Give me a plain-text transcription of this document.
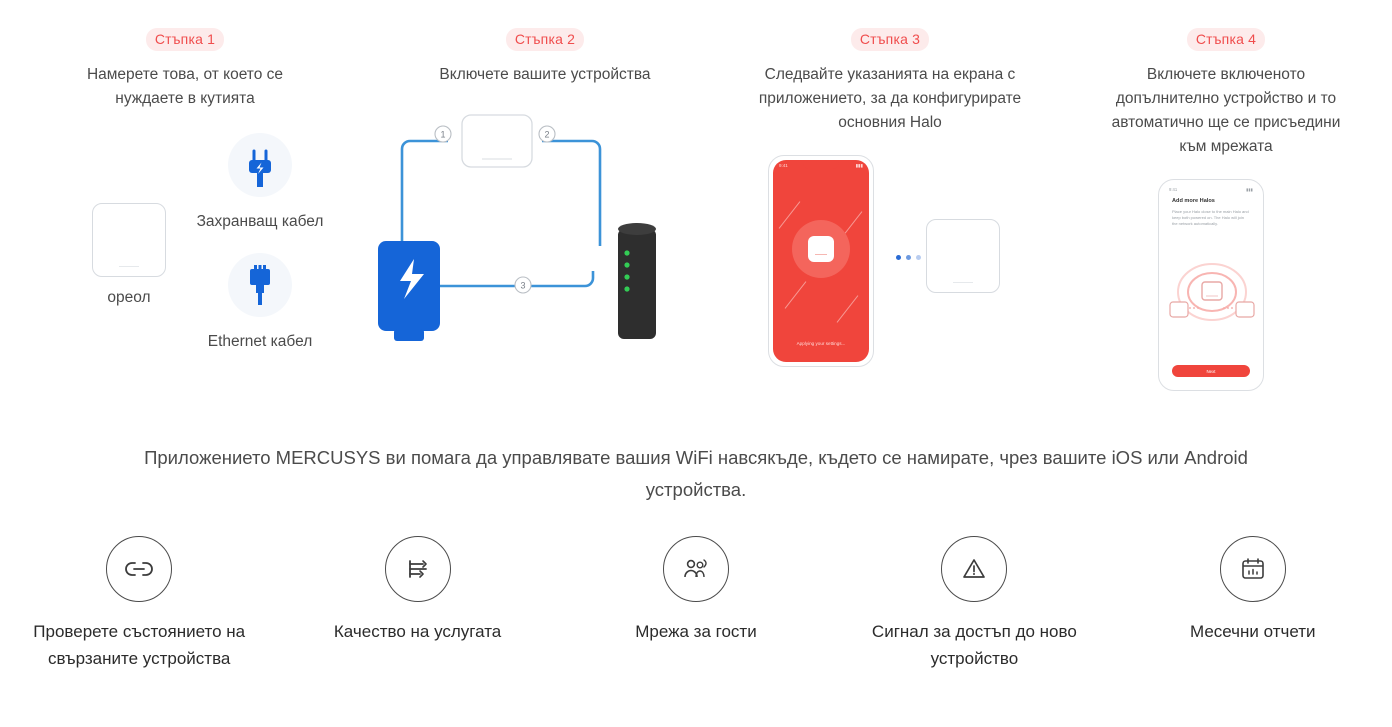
Стъпка 1
Намерете това, от което се нуждаете в кутията
ореол
Захранващ кабел
Ethernet кабел
Стъпка 2
Включете вашите устройства
1	2
3
Стъпка 3
Следвайте указанията на екрана с приложението, за да конфигурирате основния Halo
9:41	▮▮▮
Applying your settings...
Стъпка 4
Включете включеното допълнително устройство и то автоматично ще се присъедини към мрежата
9:41	▮▮▮
Add more Halos
Place your Halo close to the main Halo and keep both powered on. The Halo will join the network automatically.
Next
Приложението MERCUSYS ви помага да управлявате вашия WiFi навсякъде, където се намирате, чрез вашите iOS или Android устройства.
Проверете състоянието на свързаните устройства
Качество на услугата	Мрежа за гости	Сигнал за достъп до ново устройство
Месечни отчети
